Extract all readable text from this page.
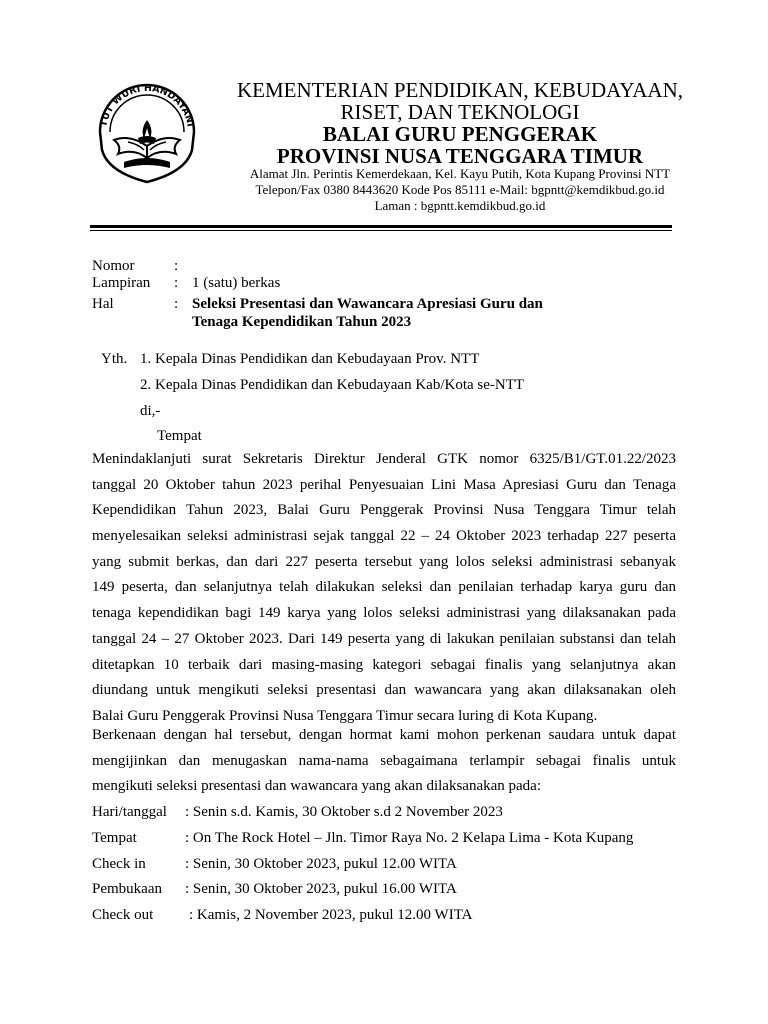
TUT WURI HANDAYANI
KEMENTERIAN PENDIDIKAN, KEBUDAYAAN,
RISET, DAN TEKNOLOGI
BALAI GURU PENGGERAK
PROVINSI NUSA TENGGARA TIMUR
Alamat Jln. Perintis Kemerdekaan, Kel. Kayu Putih, Kota Kupang Provinsi NTT
Telepon/Fax 0380 8443620 Kode Pos 85111 e-Mail: bgpntt@kemdikbud.go.id
Laman : bgpntt.kemdikbud.go.id
Nomor	:
Lampiran : 1 (satu) berkas
Hal	: Seleksi Presentasi dan Wawancara Apresiasi Guru dan
Tenaga Kependidikan Tahun 2023
Yth. 1. Kepala Dinas Pendidikan dan Kebudayaan Prov. NTT
2. Kepala Dinas Pendidikan dan Kebudayaan Kab/Kota se-NTT
di,-
Tempat
Menindaklanjuti surat Sekretaris Direktur Jenderal GTK nomor 6325/B1/GT.01.22/2023
tanggal 20 Oktober tahun 2023 perihal Penyesuaian Lini Masa Apresiasi Guru dan Tenaga
Kependidikan Tahun 2023, Balai Guru Penggerak Provinsi Nusa Tenggara Timur telah
menyelesaikan seleksi administrasi sejak tanggal 22 – 24 Oktober 2023 terhadap 227 peserta
yang submit berkas, dan dari 227 peserta tersebut yang lolos seleksi administrasi sebanyak
149 peserta, dan selanjutnya telah dilakukan seleksi dan penilaian terhadap karya guru dan
tenaga kependidikan bagi 149 karya yang lolos seleksi administrasi yang dilaksanakan pada
tanggal 24 – 27 Oktober 2023. Dari 149 peserta yang di lakukan penilaian substansi dan telah
ditetapkan 10 terbaik dari masing-masing kategori sebagai finalis yang selanjutnya akan
diundang untuk mengikuti seleksi presentasi dan wawancara yang akan dilaksanakan oleh
Balai Guru Penggerak Provinsi Nusa Tenggara Timur secara luring di Kota Kupang.
Berkenaan dengan hal tersebut, dengan hormat kami mohon perkenan saudara untuk dapat
mengijinkan dan menugaskan nama-nama sebagaimana terlampir sebagai finalis untuk
mengikuti seleksi presentasi dan wawancara yang akan dilaksanakan pada:
Hari/tanggal : Senin s.d. Kamis, 30 Oktober s.d 2 November 2023
Tempat	: On The Rock Hotel – Jln. Timor Raya No. 2 Kelapa Lima - Kota Kupang
Check in	: Senin, 30 Oktober 2023, pukul 12.00 WITA
Pembukaan : Senin, 30 Oktober 2023, pukul 16.00 WITA
Check out : Kamis, 2 November 2023, pukul 12.00 WITA
